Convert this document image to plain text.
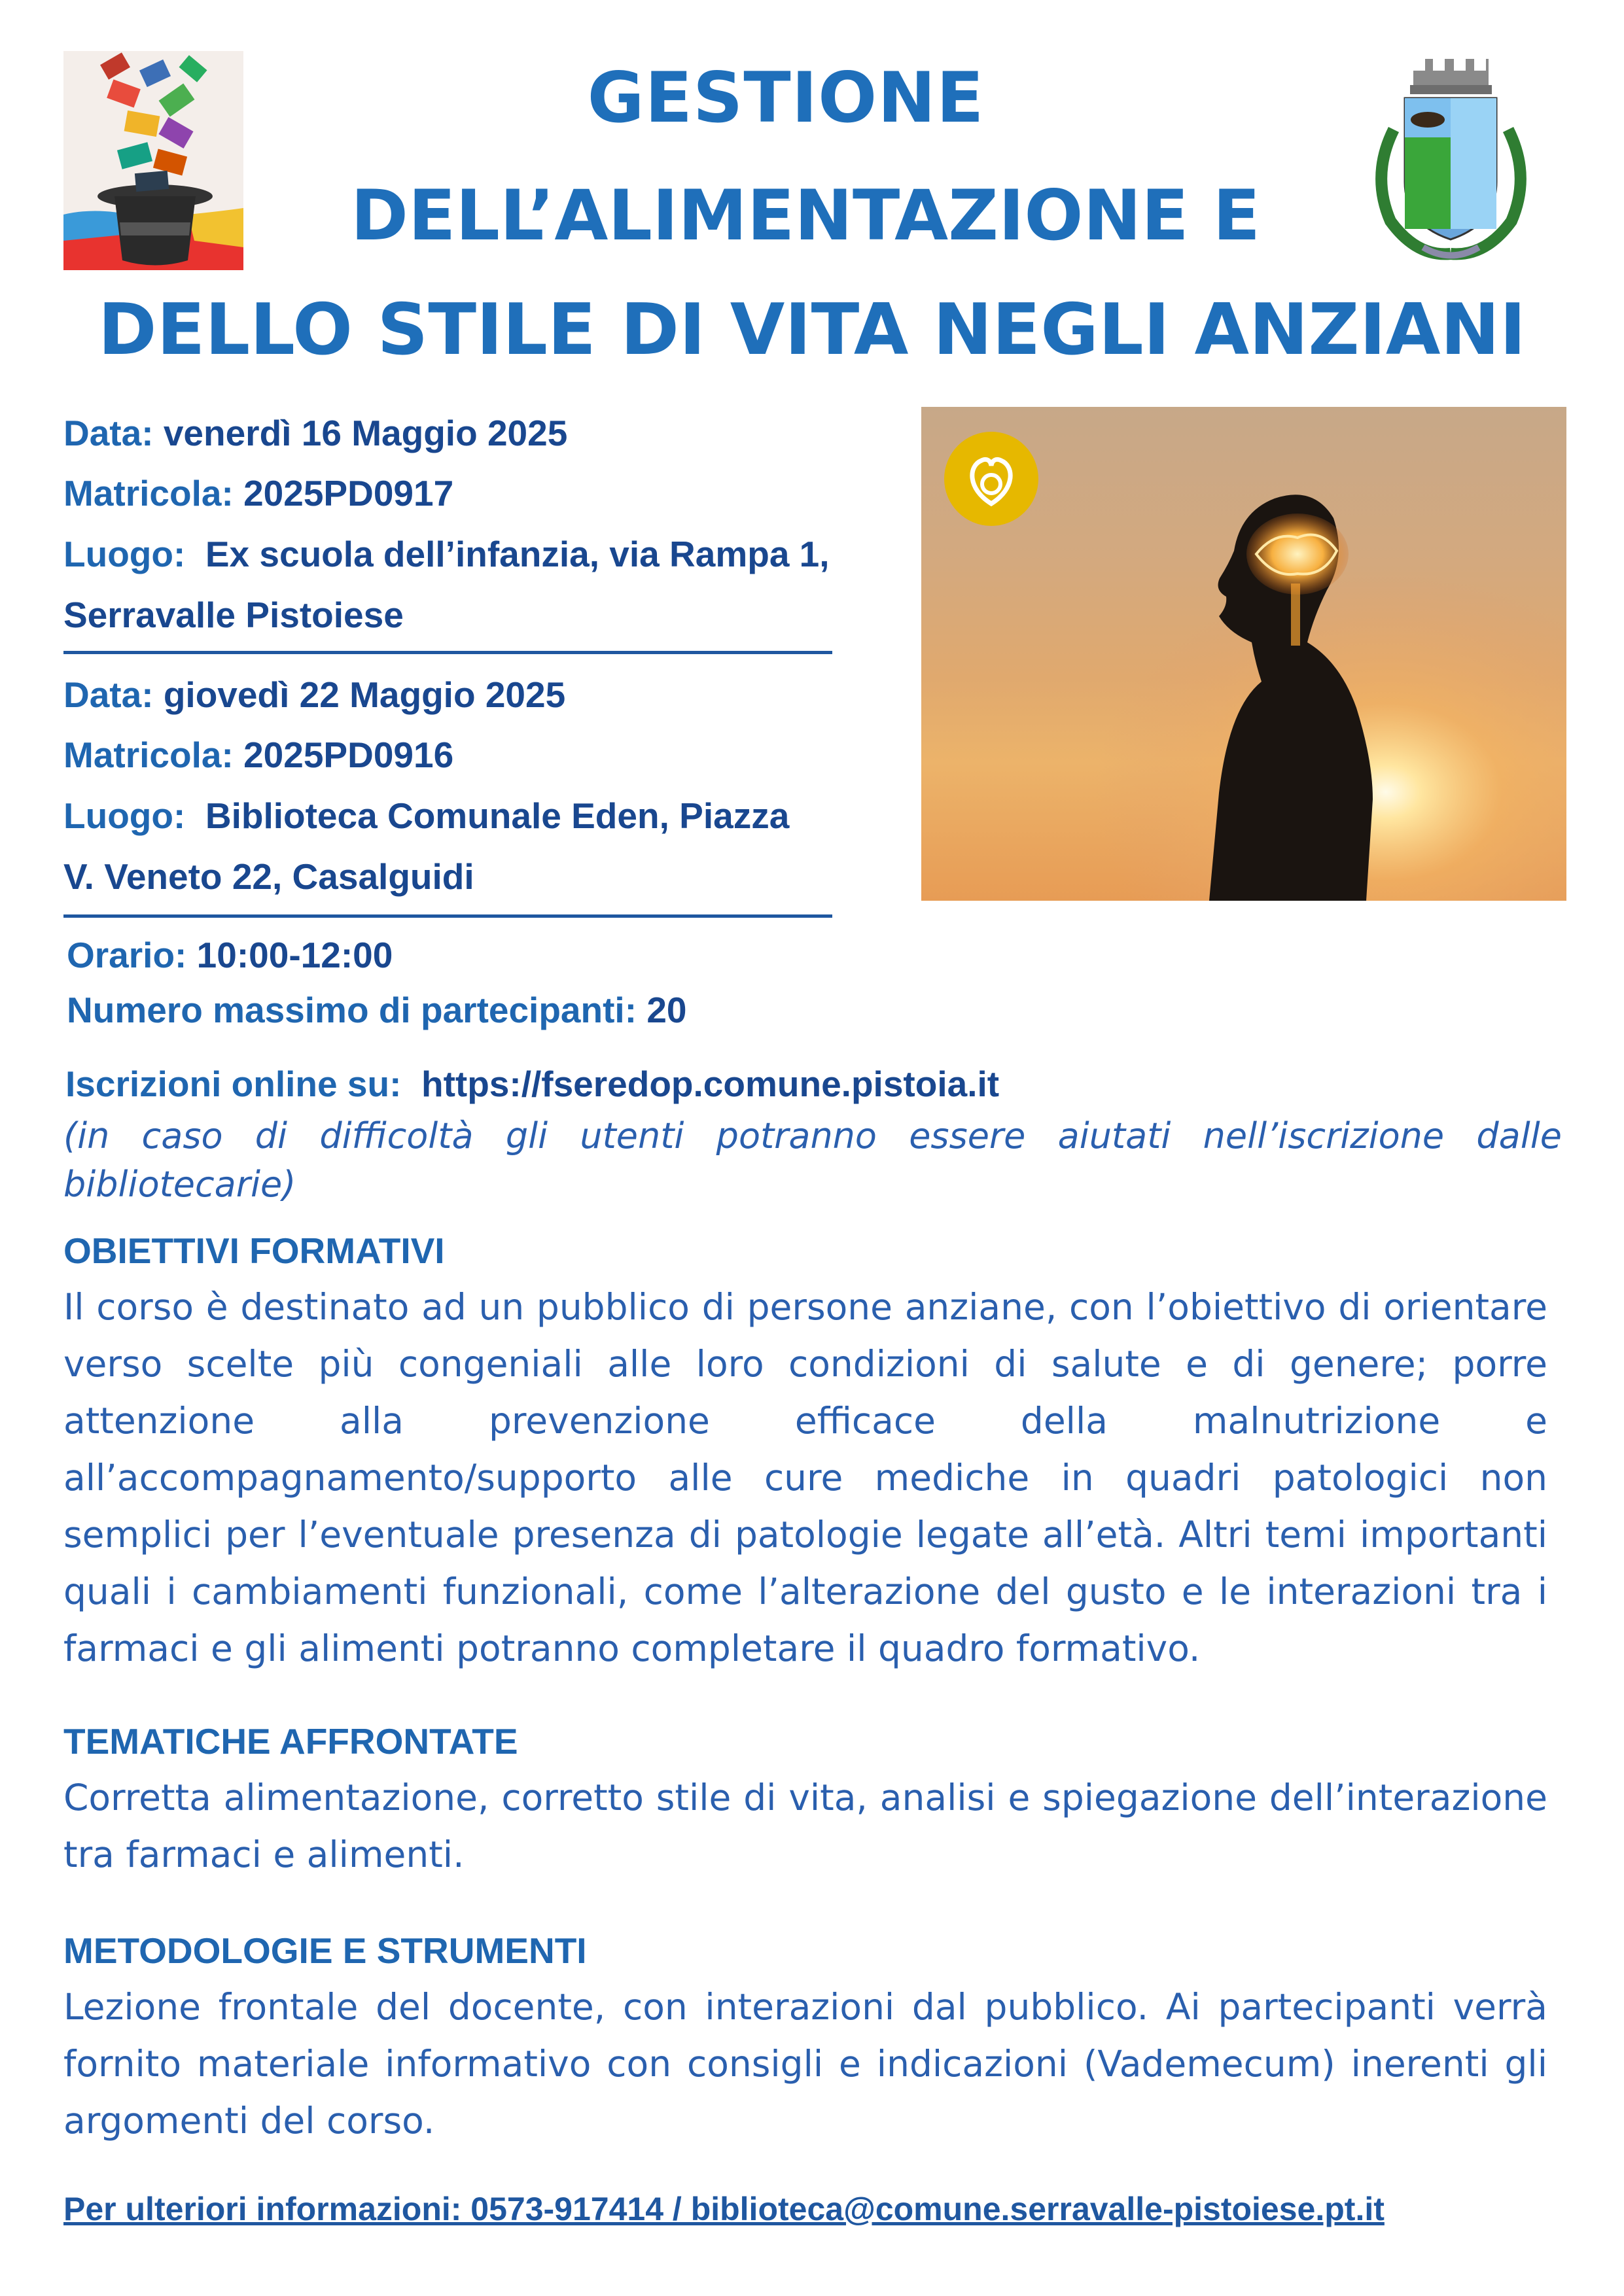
GESTIONE
DELL’ALIMENTAZIONE E
DELLO STILE DI VITA NEGLI ANZIANI
Data: venerdì 16 Maggio 2025
Matricola: 2025PD0917
Luogo: Ex scuola dell’infanzia, via Rampa 1,
Serravalle Pistoiese
Data: giovedì 22 Maggio 2025
Matricola: 2025PD0916
Luogo: Biblioteca Comunale Eden, Piazza
V. Veneto 22, Casalguidi
Orario: 10:00-12:00
Numero massimo di partecipanti: 20
Iscrizioni online su: https://fseredop.comune.pistoia.it
(in caso di difficoltà gli utenti potranno essere aiutati nell’iscrizione dalle bibliotecarie)
OBIETTIVI FORMATIVI
Il corso è destinato ad un pubblico di persone anziane, con l’obiettivo di orientare verso scelte più congeniali alle loro condizioni di salute e di genere; porre attenzione alla prevenzione efficace della malnutrizione e all’accompagnamento/supporto alle cure mediche in quadri patologici non semplici per l’eventuale presenza di patologie legate all’età. Altri temi importanti quali i cambiamenti funzionali, come l’alterazione del gusto e le interazioni tra i farmaci e gli alimenti potranno completare il quadro formativo.
TEMATICHE AFFRONTATE
Corretta alimentazione, corretto stile di vita, analisi e spiegazione dell’interazione tra farmaci e alimenti.
METODOLOGIE E STRUMENTI
Lezione frontale del docente, con interazioni dal pubblico. Ai partecipanti verrà fornito materiale informativo con consigli e indicazioni (Vademecum) inerenti gli argomenti del corso.
Per ulteriori informazioni: 0573-917414 / biblioteca@comune.serravalle-pistoiese.pt.it
